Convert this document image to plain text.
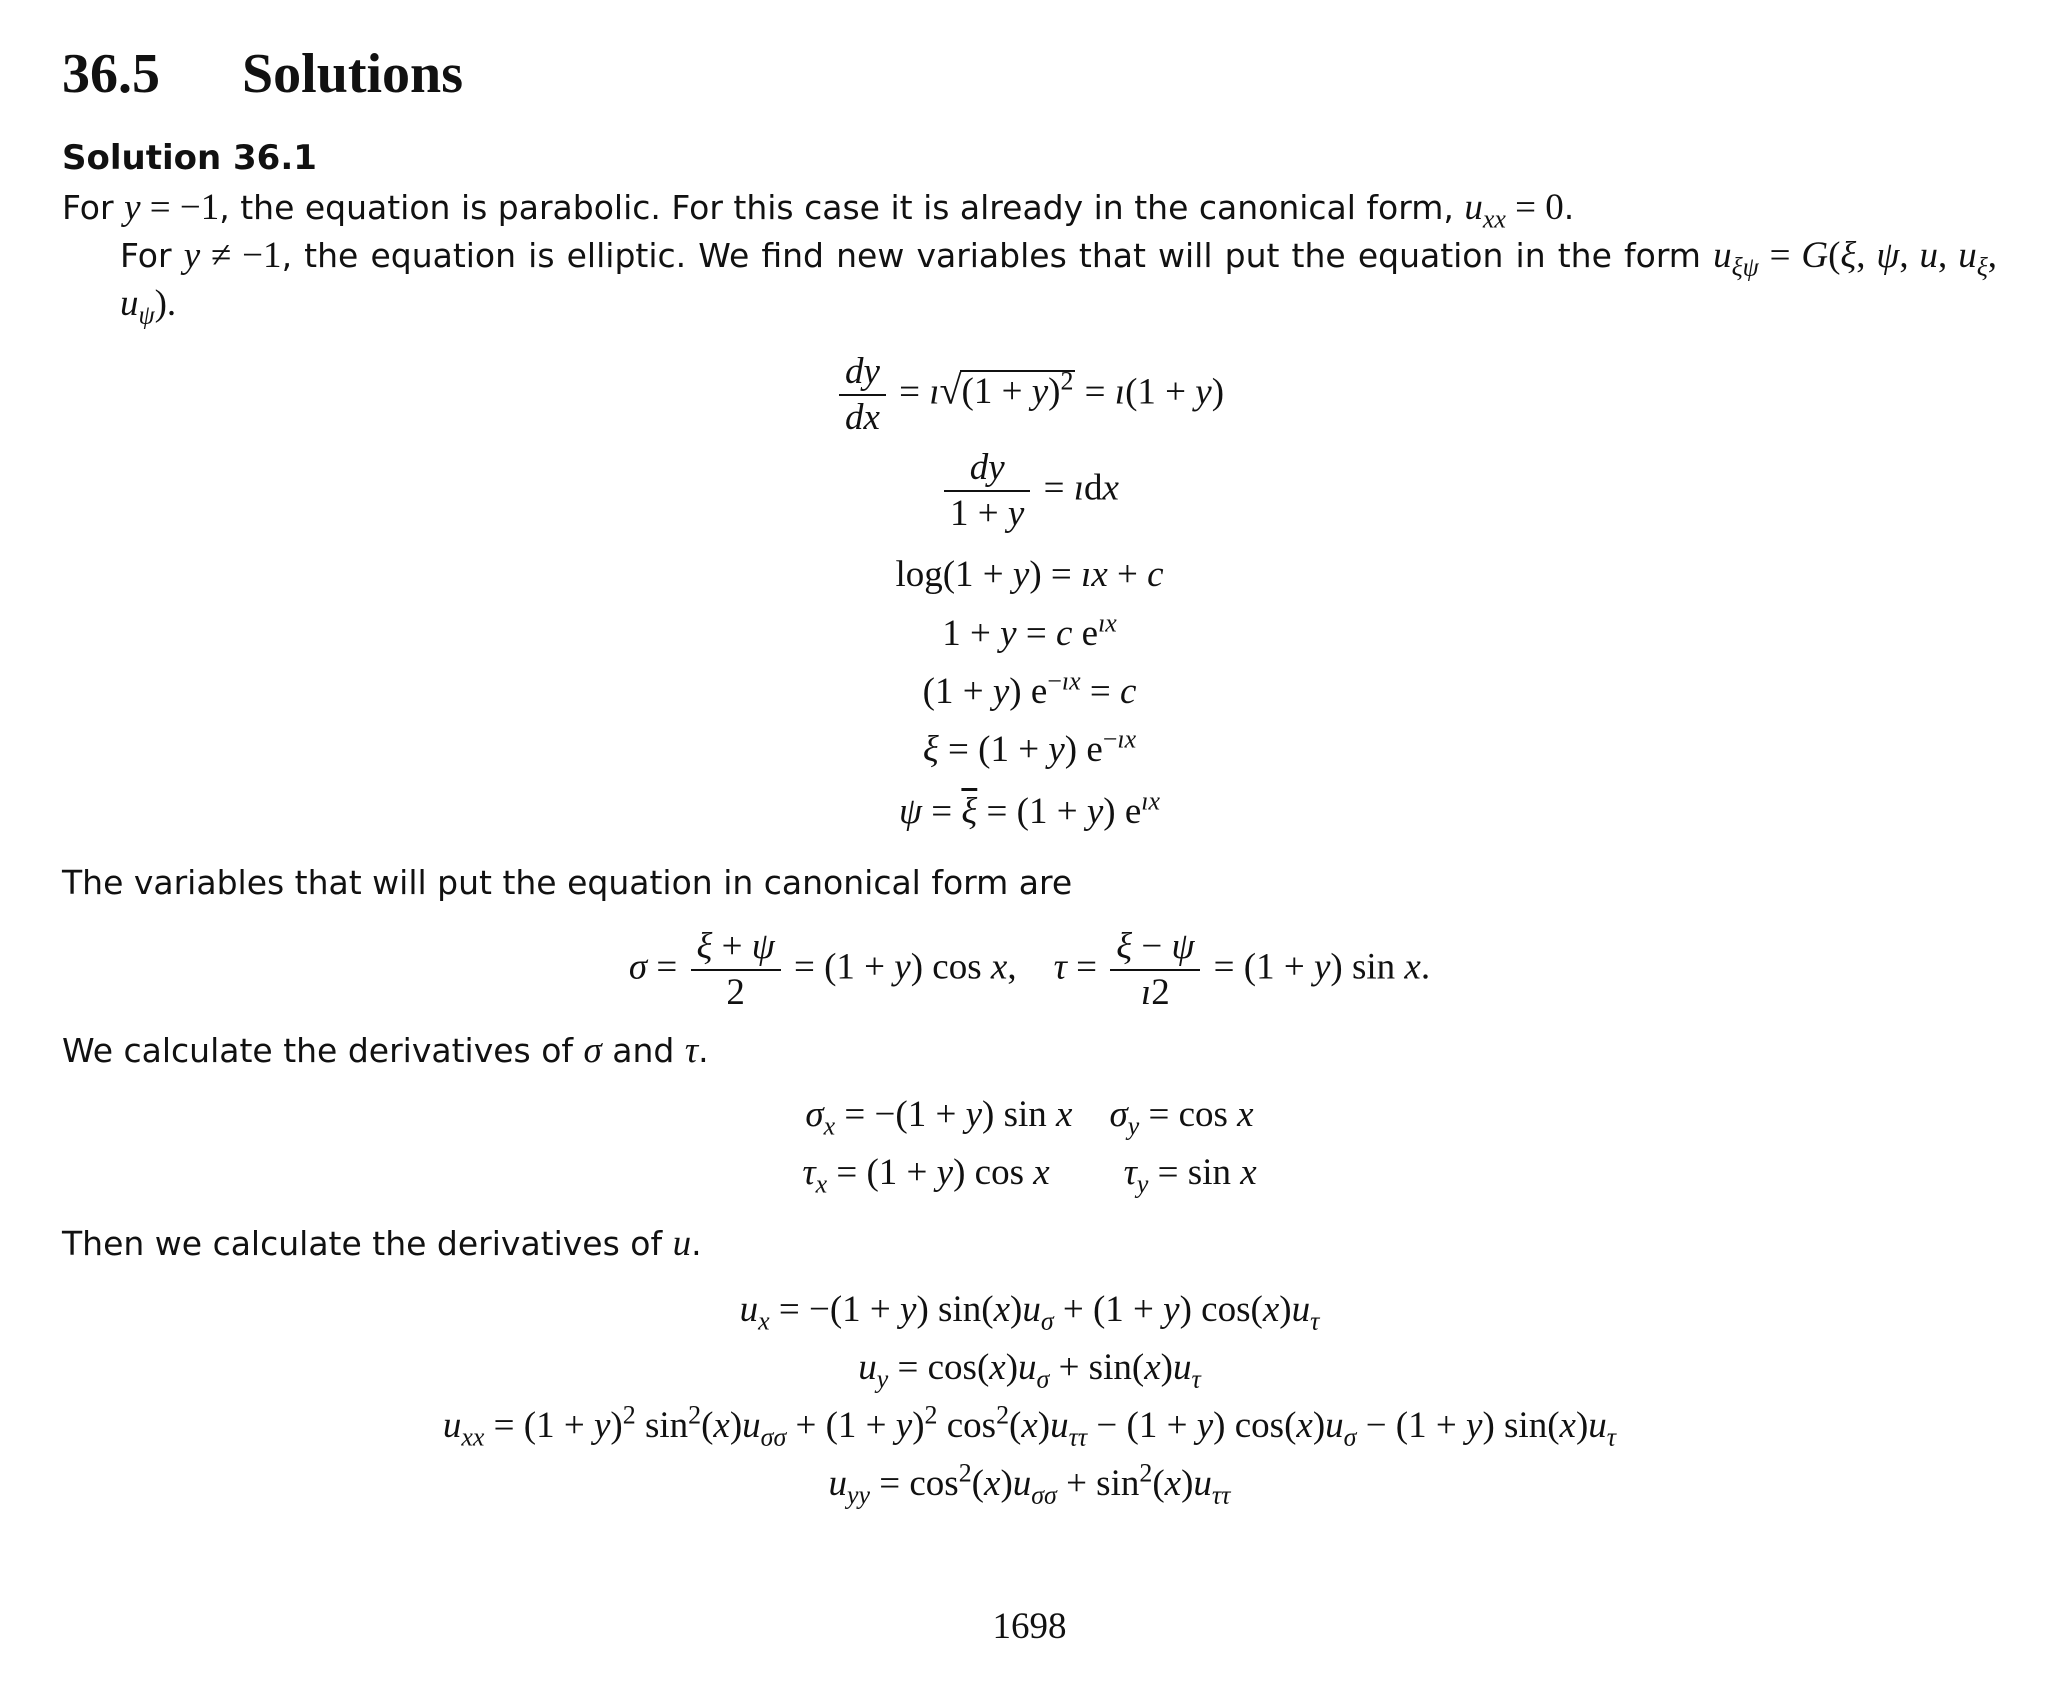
36.5 Solutions
Solution 36.1

For y = −1, the equation is parabolic. For this case it is already in the canonical form, $u_{xx} = 0$.

For y ≠ −1, the equation is elliptic. We find new variables that will put the equation in the form $u_{\xi\psi} = G(\xi$, ψ, u, $u_\xi$, $u_\psi$).

$\frac{dy}{dx}$ = ı√(1 + y)$^2$ = ı(1 + y)
$\frac{dy}{1 + y}$ = ıdx
log(1 + y) = ıx + c
1 + y = c $e^{ıx}$
(1 + y) $e^{-ıx} = c$
ξ = (1 + y) $e^{-ıx}$
$\psi = \overline{\xi} = (1 + y)$ $e^{ıx}$

The variables that will put the equation in canonical form are

$\sigma = \frac{\xi + \psi}{2} = (1 + y)$ cos x,    $\tau = \frac{\xi - \psi}{ı2} = (1 + y)$ sin x.

We calculate the derivatives of σ and τ.

$\sigma_x = -(1 + y)$ sin x $\sigma_y = \cos x$
$\tau_x = (1 + y)$ cos x $\tau_y = \sin x$

Then we calculate the derivatives of u.

$u_x = -(1 + y) \sin(x)u_\sigma + (1 + y)$ $\cos(x)u_\tau$
$u_y = \cos(x)u_\sigma + \sin(x)u_\tau$
$u_{xx} = (1 + y)^2$ $\sin^2(x)u_{\sigma\sigma} + (1 + y)^2$ $\cos^2(x)u_{\tau\tau} - (1 + y) \cos(x)u_\sigma - (1 + y)$ $\sin(x)u_\tau$
$u_{yy} = \cos^2(x)u_{\sigma\sigma} + \sin^2(x)u_{\tau\tau}$
1698
